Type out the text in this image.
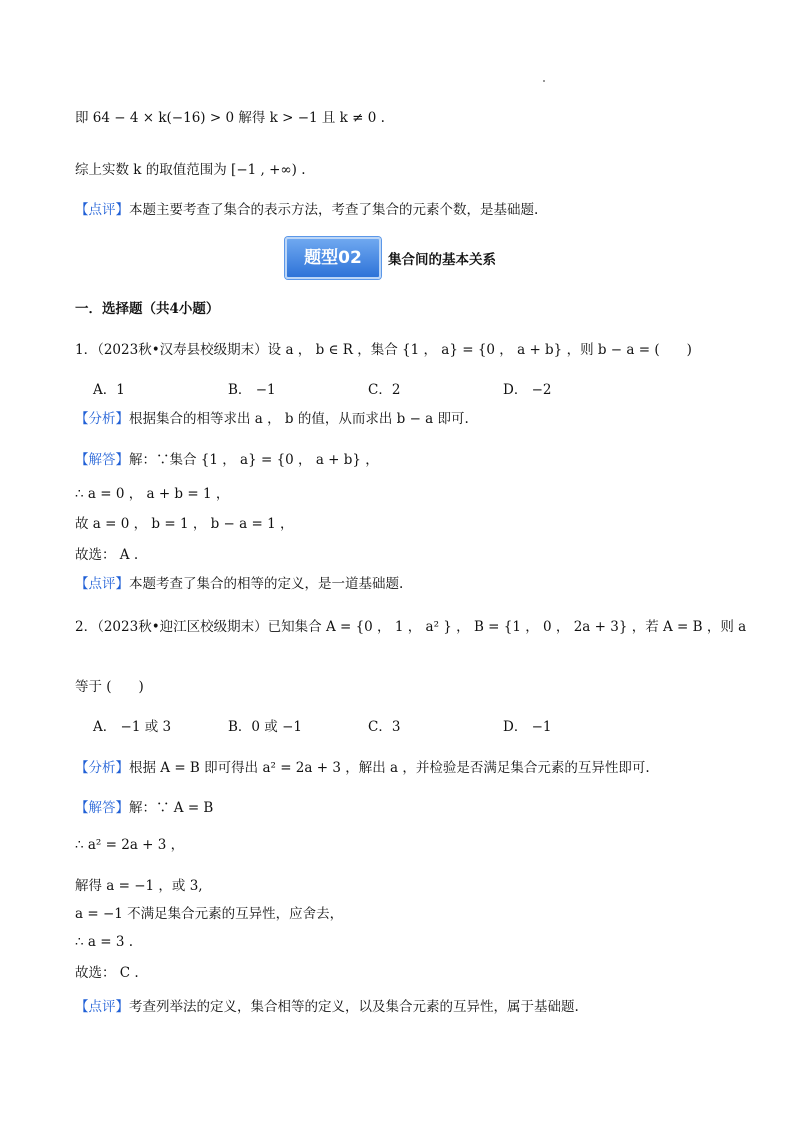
即 64 − 4 × k(−16) > 0 解得 k > −1 且 k ≠ 0 .
综上实数 k 的取值范围为 [−1 , +∞) .
【点评】本题主要考查了集合的表示方法，考查了集合的元素个数，是基础题.
题型02	集合间的基本关系
一．选择题（共4小题）
1．（2023秋•汉寿县校级期末）设 a ， b ∈ R ，集合 {1 ， a} = {0 ， a + b} ，则 b − a = (　　)
A．1	B． −1	C．2	D． −2
【分析】根据集合的相等求出 a ， b 的值，从而求出 b − a 即可.
【解答】解：∵集合 {1 ， a} = {0 ， a + b} ，
∴ a = 0 ， a + b = 1 ，
故 a = 0 ， b = 1 ， b − a = 1 ，
故选： A .
【点评】本题考查了集合的相等的定义，是一道基础题.
2．（2023秋•迎江区校级期末）已知集合 A = {0 ， 1 ， a² } ， B = {1 ， 0 ， 2a + 3} ，若 A = B ，则 a
等于 (　　)
A． −1 或 3	B．0 或 −1	C．3	D． −1
【分析】根据 A = B 即可得出 a² = 2a + 3 ，解出 a ，并检验是否满足集合元素的互异性即可.
【解答】解：∵ A = B
∴ a² = 2a + 3 ，
解得 a = −1 ，或 3,
a = −1 不满足集合元素的互异性，应舍去，
∴ a = 3 .
故选： C .
【点评】考查列举法的定义，集合相等的定义，以及集合元素的互异性，属于基础题.
